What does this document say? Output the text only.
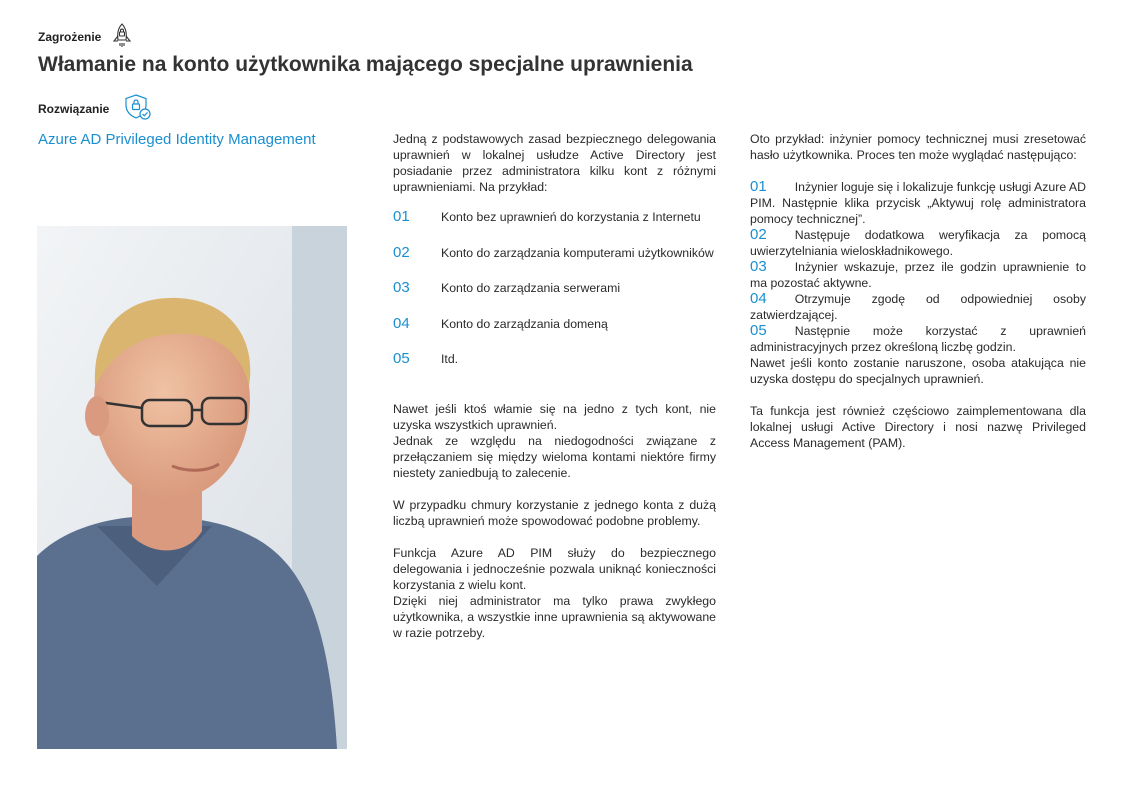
Zagrożenie
Włamanie na konto użytkownika mającego specjalne uprawnienia
Rozwiązanie
Azure AD Privileged Identity Management	Jedną z podstawowych zasad bezpiecznego delegowania uprawnień w lokalnej usłudze Active Directory jest posiadanie przez administratora kilku kont z różnymi uprawnieniami. Na przykład:

01	Konto bez uprawnień do korzystania z Internetu
02	Konto do zarządzania komputerami użytkowników
03	Konto do zarządzania serwerami
04	Konto do zarządzania domeną
05	Itd.

Nawet jeśli ktoś włamie się na jedno z tych kont, nie uzyska wszystkich uprawnień.

Jednak ze względu na niedogodności związane z przełączaniem się między wieloma kontami niektóre firmy niestety zaniedbują to zalecenie.

W przypadku chmury korzystanie z jednego konta z dużą liczbą uprawnień może spowodować podobne problemy.

Funkcja Azure AD PIM służy do bezpiecznego delegowania i jednocześnie pozwala uniknąć konieczności korzystania z wielu kont.

Dzięki niej administrator ma tylko prawa zwykłego użytkownika, a wszystkie inne uprawnienia są aktywowane w razie potrzeby.

Oto przykład: inżynier pomocy technicznej musi zresetować hasło użytkownika. Proces ten może wyglądać następująco:

01 Inżynier loguje się i lokalizuje funkcję usługi Azure AD PIM. Następnie klika przycisk „Aktywuj rolę administratora pomocy technicznej”.

02 Następuje dodatkowa weryfikacja za pomocą uwierzytelniania wieloskładnikowego.

03 Inżynier wskazuje, przez ile godzin uprawnienie to ma pozostać aktywne.

04 Otrzymuje zgodę od odpowiedniej osoby zatwierdzającej.

05 Następnie może korzystać z uprawnień administracyjnych przez określoną liczbę godzin.

Nawet jeśli konto zostanie naruszone, osoba atakująca nie uzyska dostępu do specjalnych uprawnień.

Ta funkcja jest również częściowo zaimplementowana dla lokalnej usługi Active Directory i nosi nazwę Privileged Access Management (PAM).
